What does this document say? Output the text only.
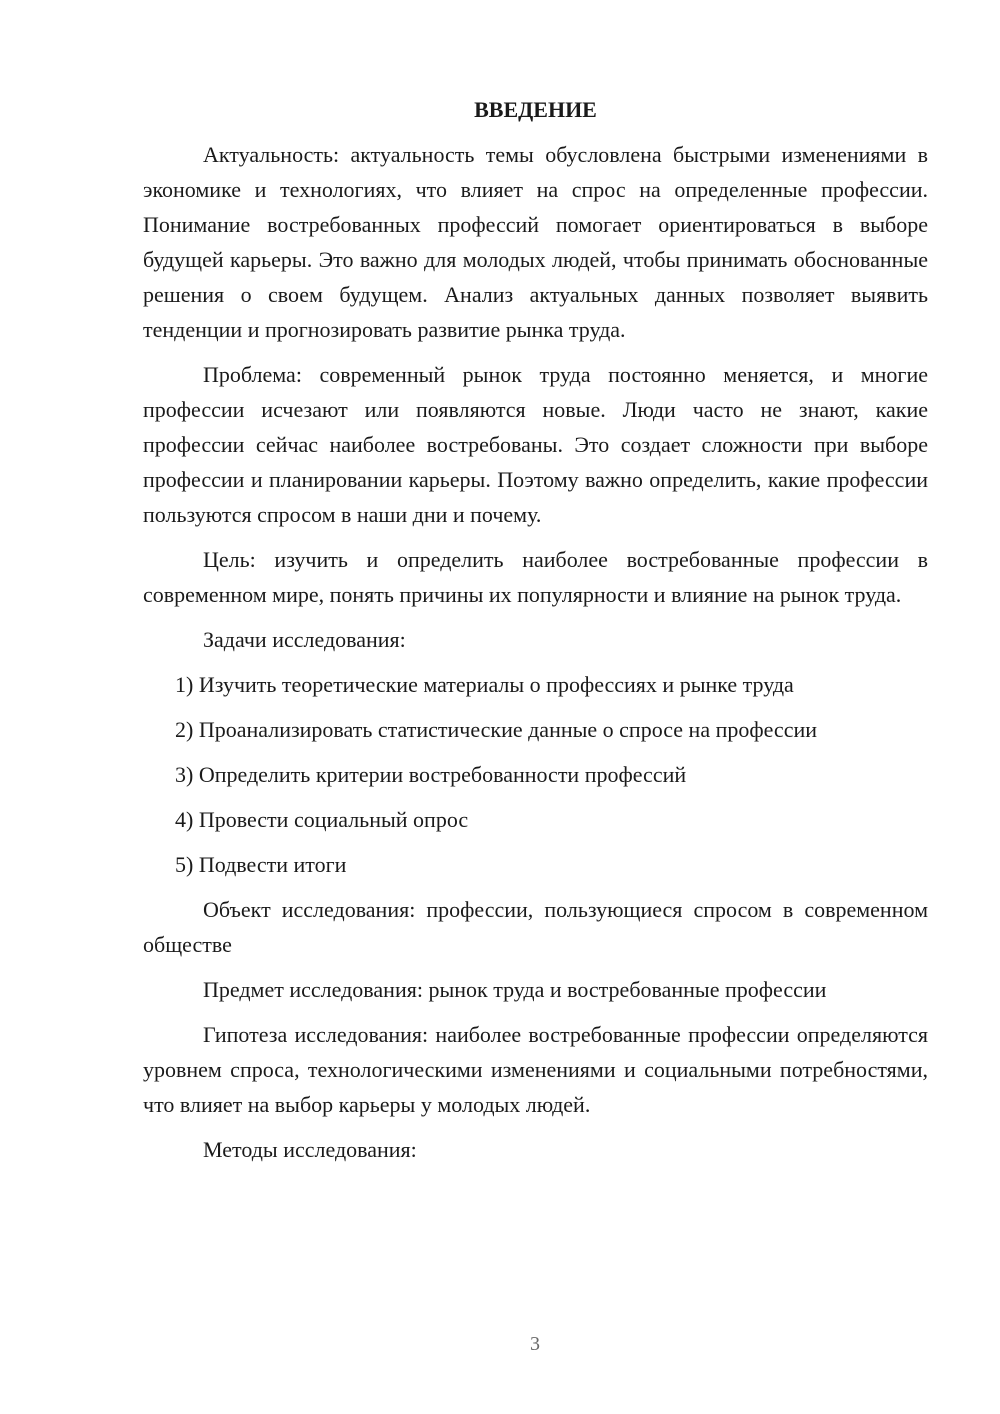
ВВЕДЕНИЕ

Актуальность: актуальность темы обусловлена быстрыми изменениями в экономике и технологиях, что влияет на спрос на определенные профессии. Понимание востребованных профессий помогает ориентироваться в выборе будущей карьеры. Это важно для молодых людей, чтобы принимать обоснованные решения о своем будущем. Анализ актуальных данных позволяет выявить тенденции и прогнозировать развитие рынка труда.

Проблема: современный рынок труда постоянно меняется, и многие профессии исчезают или появляются новые. Люди часто не знают, какие профессии сейчас наиболее востребованы. Это создает сложности при выборе профессии и планировании карьеры. Поэтому важно определить, какие профессии пользуются спросом в наши дни и почему.

Цель: изучить и определить наиболее востребованные профессии в современном мире, понять причины их популярности и влияние на рынок труда.

Задачи исследования:

1) Изучить теоретические материалы о профессиях и рынке труда
2) Проанализировать статистические данные о спросе на профессии
3) Определить критерии востребованности профессий
4) Провести социальный опрос
5) Подвести итоги

Объект исследования: профессии, пользующиеся спросом в современном обществе

Предмет исследования: рынок труда и востребованные профессии

Гипотеза исследования: наиболее востребованные профессии определяются уровнем спроса, технологическими изменениями и социальными потребностями, что влияет на выбор карьеры у молодых людей.

Методы исследования:

3
